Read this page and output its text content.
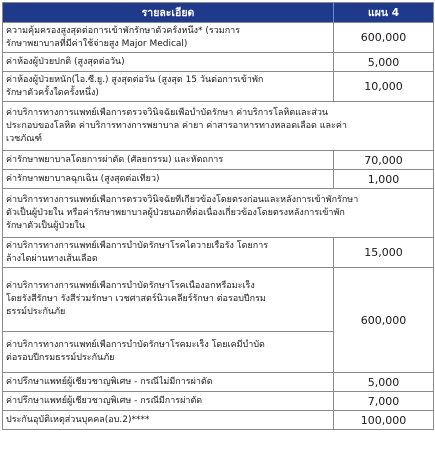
รายละเอียด	แผน 4

ความคุ้มครองสูงสุดต่อการเข้าพักรักษาตัวครั้งหนึ่ง* (รวมการ
รักษาพยาบาลที่มีค่าใช้จ่ายสูง Major Medical)	600,000

ค่าห้องผู้ป่วยปกติ (สูงสุดต่อวัน)	5,000

ค่าห้องผู้ป่วยหนัก(ไอ.ซี.ยู.) สูงสุดต่อวัน (สูงสุด 15 วันต่อการเข้าพัก
รักษาตัวครั้งใดครั้งหนึ่ง)	10,000

ค่าบริการทางการแพทย์เพื่อการตรวจวินิจฉัยเพื่อบำบัดรักษา ค่าบริการโลหิตและส่วน
ประกอบของโลหิต ค่าบริการทางการพยาบาล ค่ายา ค่าสารอาหารทางหลอดเลือด และค่า
เวชภัณฑ์	

ค่ารักษาพยาบาลโดยการผ่าตัด (ศัลยกรรม) และหัตถการ	70,000

ค่ารักษาพยาบาลฉุกเฉิน (สูงสุดต่อเที่ยว)	1,000

ค่าบริการทางการแพทย์เพื่อการตรวจวินิจฉัยที่เกี่ยวข้องโดยตรงก่อนและหลังการเข้าพักรักษา
ตัวเป็นผู้ป่วยใน หรือค่ารักษาพยาบาลผู้ป่วยนอกที่ต่อเนื่องเกี่ยวข้องโดยตรงหลังการเข้าพัก
รักษาตัวเป็นผู้ป่วยใน	

ค่าบริการทางการแพทย์เพื่อการบำบัดรักษาโรคไตวายเรื้อรัง โดยการ
ล้างไตผ่านทางเส้นเลือด	15,000

ค่าบริการทางการแพทย์เพื่อการบำบัดรักษาโรคเนื้องอกหรือมะเร็ง
โดยรังสีรักษา รังสีร่วมรักษา เวชศาสตร์นิวเคลียร์รักษา ต่อรอบปีกรม
ธรรม์ประกันภัย	600,000

ค่าบริการทางการแพทย์เพื่อการบำบัดรักษาโรคมะเร็ง โดยเคมีบำบัด
ต่อรอบปีกรมธรรม์ประกันภัย	

ค่าปรึกษาแพทย์ผู้เชี่ยวชาญพิเศษ - กรณีไม่มีการผ่าตัด	5,000

ค่าปรึกษาแพทย์ผู้เชี่ยวชาญพิเศษ - กรณีมีการผ่าตัด	7,000

ประกันอุบัติเหตุส่วนบุคคล(อบ.2)****	100,000
